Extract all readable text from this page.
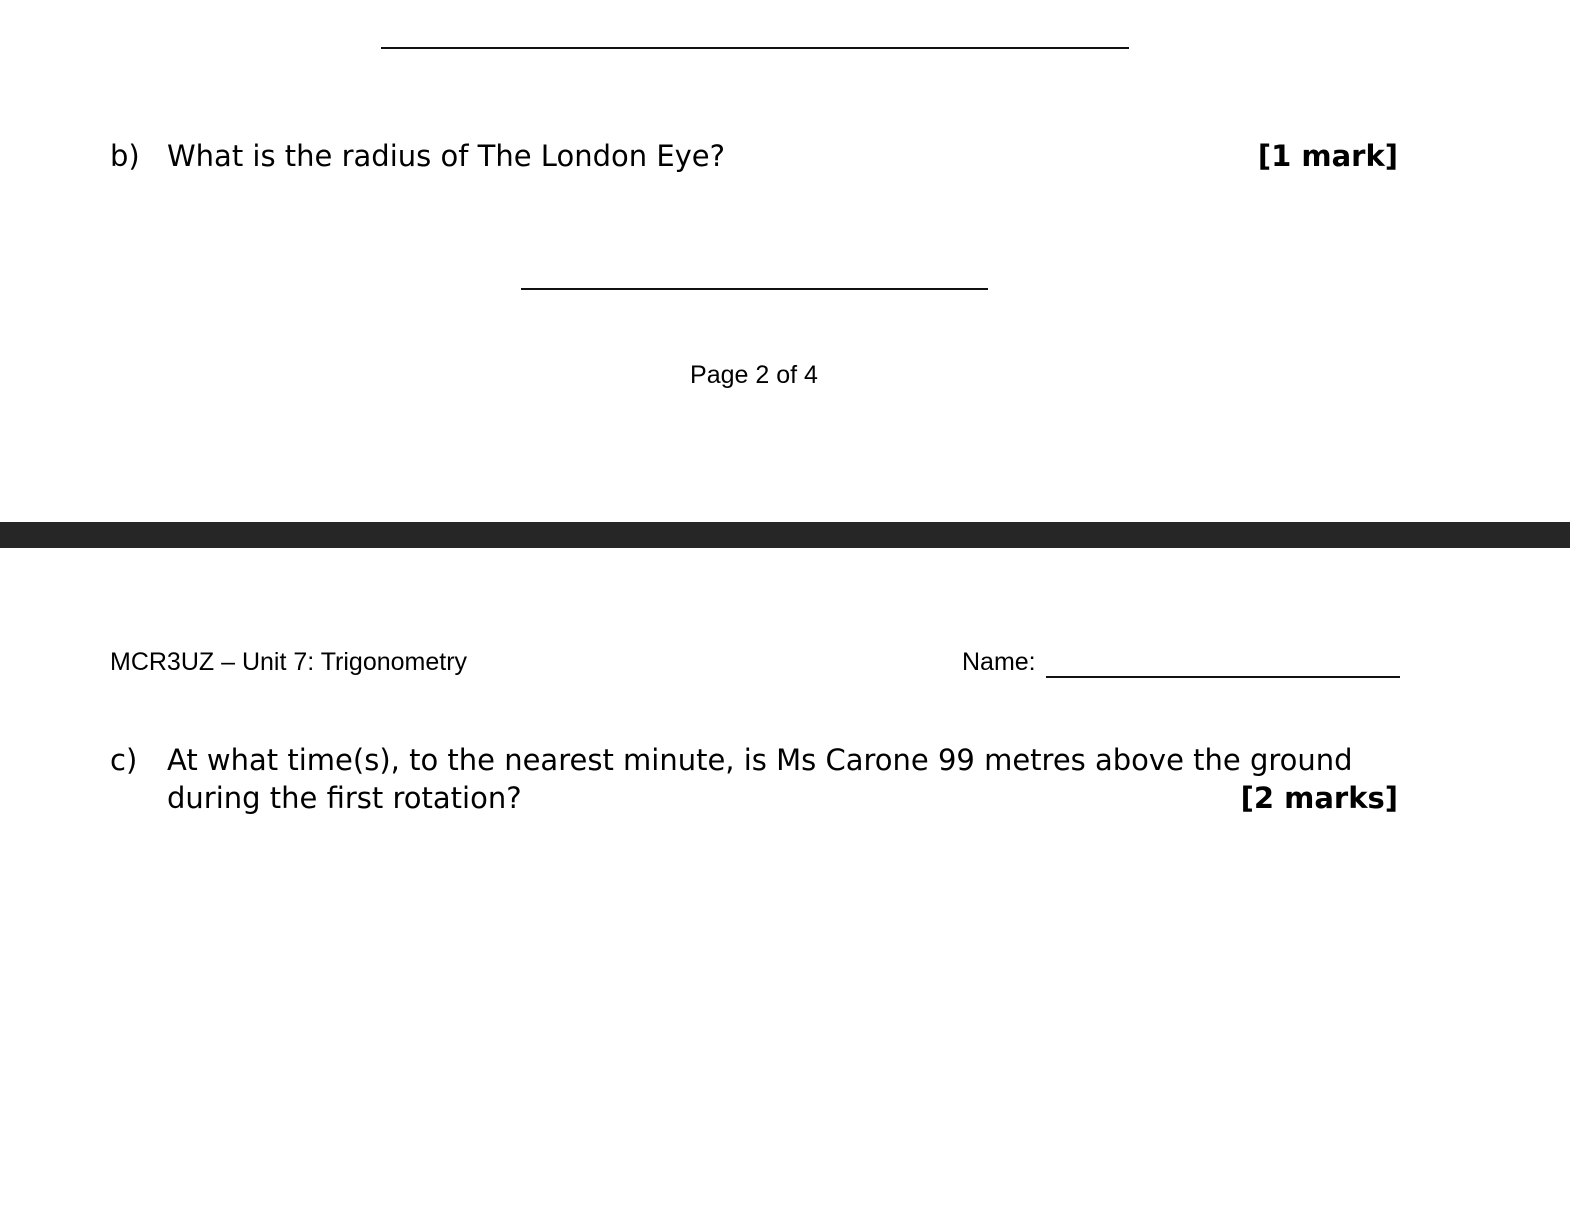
b) What is the radius of The London Eye?	[1 mark]
Page 2 of 4
MCR3UZ – Unit 7: Trigonometry	Name:
c) At what time(s), to the nearest minute, is Ms Carone 99 metres above the ground
during the first rotation?	[2 marks]
